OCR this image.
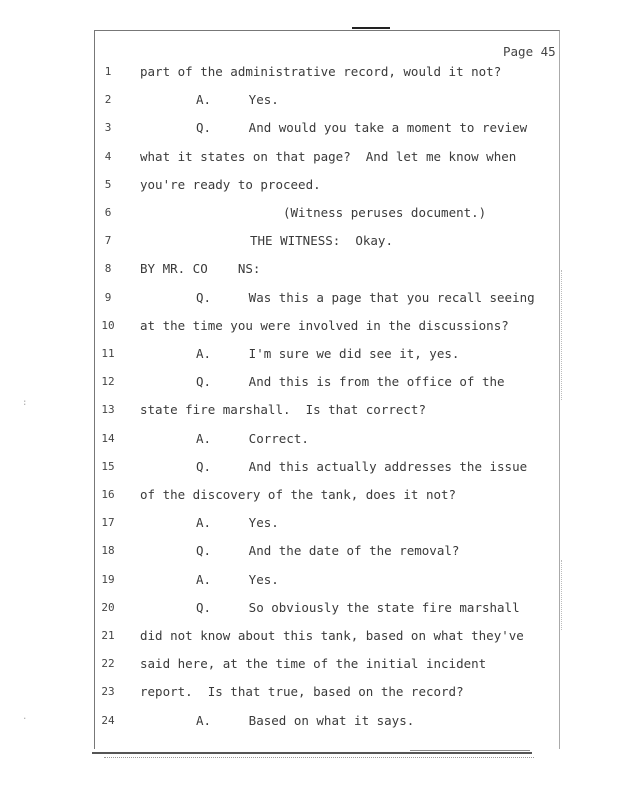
:
.
Page 45
1	part of the administrative record, would it not?
2	A.     Yes.
3	Q.     And would you take a moment to review
4	what it states on that page?  And let me know when
5	you're ready to proceed.
6	(Witness peruses document.)
7	THE WITNESS:  Okay.
8	BY MR. CO    NS:
9	Q.     Was this a page that you recall seeing
10	at the time you were involved in the discussions?
11	A.     I'm sure we did see it, yes.
12	Q.     And this is from the office of the
13	state fire marshall.  Is that correct?
14	A.     Correct.
15	Q.     And this actually addresses the issue
16	of the discovery of the tank, does it not?
17	A.     Yes.
18	Q.     And the date of the removal?
19	A.     Yes.
20	Q.     So obviously the state fire marshall
21	did not know about this tank, based on what they've
22	said here, at the time of the initial incident
23	report.  Is that true, based on the record?
24	A.     Based on what it says.
